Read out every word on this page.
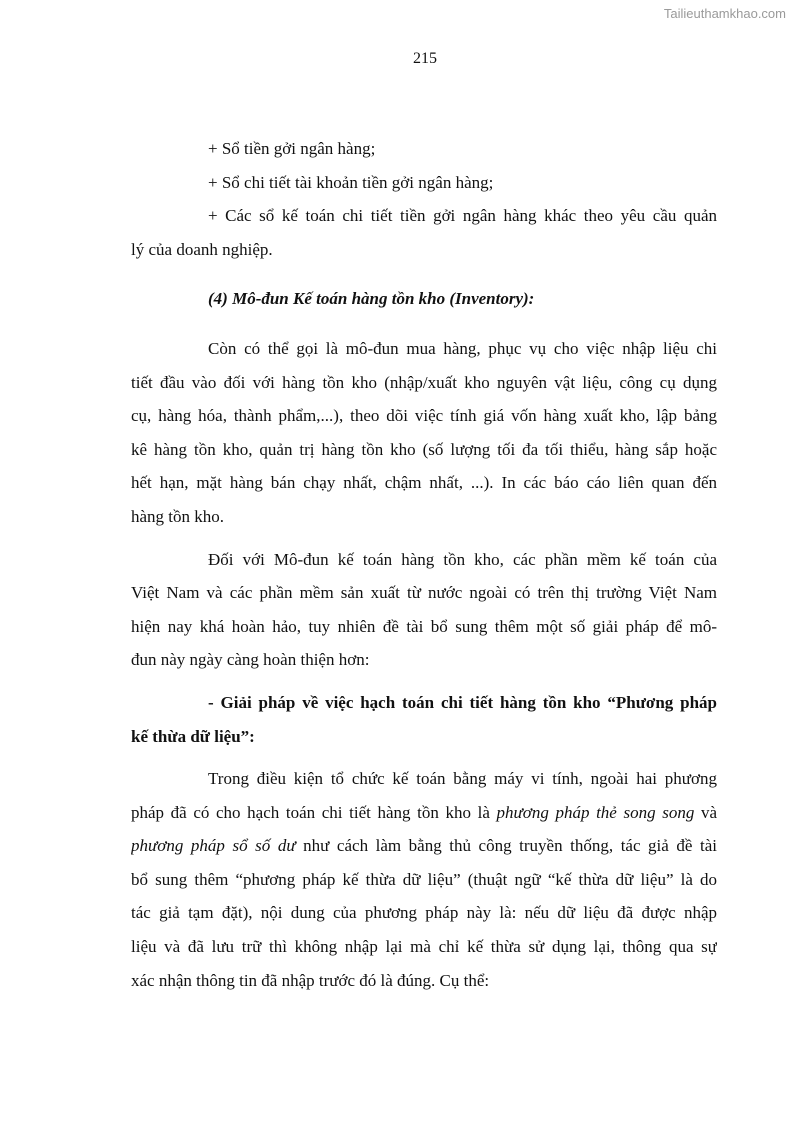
Tailieuthamkhao.com
215
+ Sổ tiền gởi ngân hàng;
+ Sổ chi tiết tài khoản tiền gởi ngân hàng;
+ Các sổ kế toán chi tiết tiền gởi ngân hàng khác theo yêu cầu quản
lý của doanh nghiệp.
(4) Mô-đun Kế toán hàng tồn kho (Inventory):
Còn có thể gọi là mô-đun mua hàng, phục vụ cho việc nhập liệu chi
tiết đầu vào đối với hàng tồn kho (nhập/xuất kho nguyên vật liệu, công cụ dụng
cụ, hàng hóa, thành phẩm,...), theo dõi việc tính giá vốn hàng xuất kho, lập bảng
kê hàng tồn kho, quản trị hàng tồn kho (số lượng tối đa tối thiểu, hàng sắp hoặc
hết hạn, mặt hàng bán chạy nhất, chậm nhất, ...). In các báo cáo liên quan đến
hàng tồn kho.
Đối với Mô-đun kế toán hàng tồn kho, các phần mềm kế toán của
Việt Nam và các phần mềm sản xuất từ nước ngoài có trên thị trường Việt Nam
hiện nay khá hoàn hảo, tuy nhiên đề tài bổ sung thêm một số giải pháp để mô-
đun này ngày càng hoàn thiện hơn:
- Giải pháp về việc hạch toán chi tiết hàng tồn kho “Phương pháp
kế thừa dữ liệu”:
Trong điều kiện tổ chức kế toán bằng máy vi tính, ngoài hai phương
pháp đã có cho hạch toán chi tiết hàng tồn kho là phương pháp thẻ song song và
phương pháp sổ số dư như cách làm bằng thủ công truyền thống, tác giả đề tài
bổ sung thêm “phương pháp kế thừa dữ liệu” (thuật ngữ “kế thừa dữ liệu” là do
tác giả tạm đặt), nội dung của phương pháp này là: nếu dữ liệu đã được nhập
liệu và đã lưu trữ thì không nhập lại mà chỉ kế thừa sử dụng lại, thông qua sự
xác nhận thông tin đã nhập trước đó là đúng. Cụ thể:
